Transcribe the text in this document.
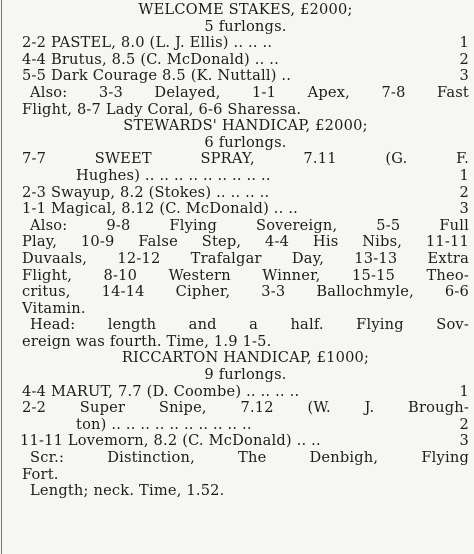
WELCOME STAKES, £2000;
5 furlongs.
2-2 PASTEL, 8.0 (L. J. Ellis) .. .. ..	1
4-4 Brutus, 8.5 (C. McDonald) .. ..	2
5-5 Dark Courage 8.5 (K. Nuttall) ..	3
Also: 3-3 Delayed, 1-1 Apex, 7-8 Fast
Flight, 8-7 Lady Coral, 6-6 Sharessa.
STEWARDS' HANDICAP, £2000;
6 furlongs.
7-7 SWEET SPRAY, 7.11 (G. F.
Hughes) .. .. .. .. .. .. .. .. ..	1
2-3 Swayup, 8.2 (Stokes) .. .. .. ..	2
1-1 Magical, 8.12 (C. McDonald) .. ..	3
Also: 9-8 Flying Sovereign, 5-5 Full
Play, 10-9 False Step, 4-4 His Nibs, 11-11
Duvaals, 12-12 Trafalgar Day, 13-13 Extra
Flight, 8-10 Western Winner, 15-15 Theo-
critus, 14-14 Cipher, 3-3 Ballochmyle, 6-6
Vitamin.
Head: length and a half. Flying Sov-
ereign was fourth. Time, 1.9 1-5.
RICCARTON HANDICAP, £1000;
9 furlongs.
4-4 MARUT, 7.7 (D. Coombe) .. .. .. ..	1
2-2 Super Snipe, 7.12 (W. J. Brough-
ton) .. .. .. .. .. .. .. .. .. ..	2
11-11 Lovemorn, 8.2 (C. McDonald) .. ..	3
Scr.: Distinction, The Denbigh, Flying
Fort.
Length; neck. Time, 1.52.
